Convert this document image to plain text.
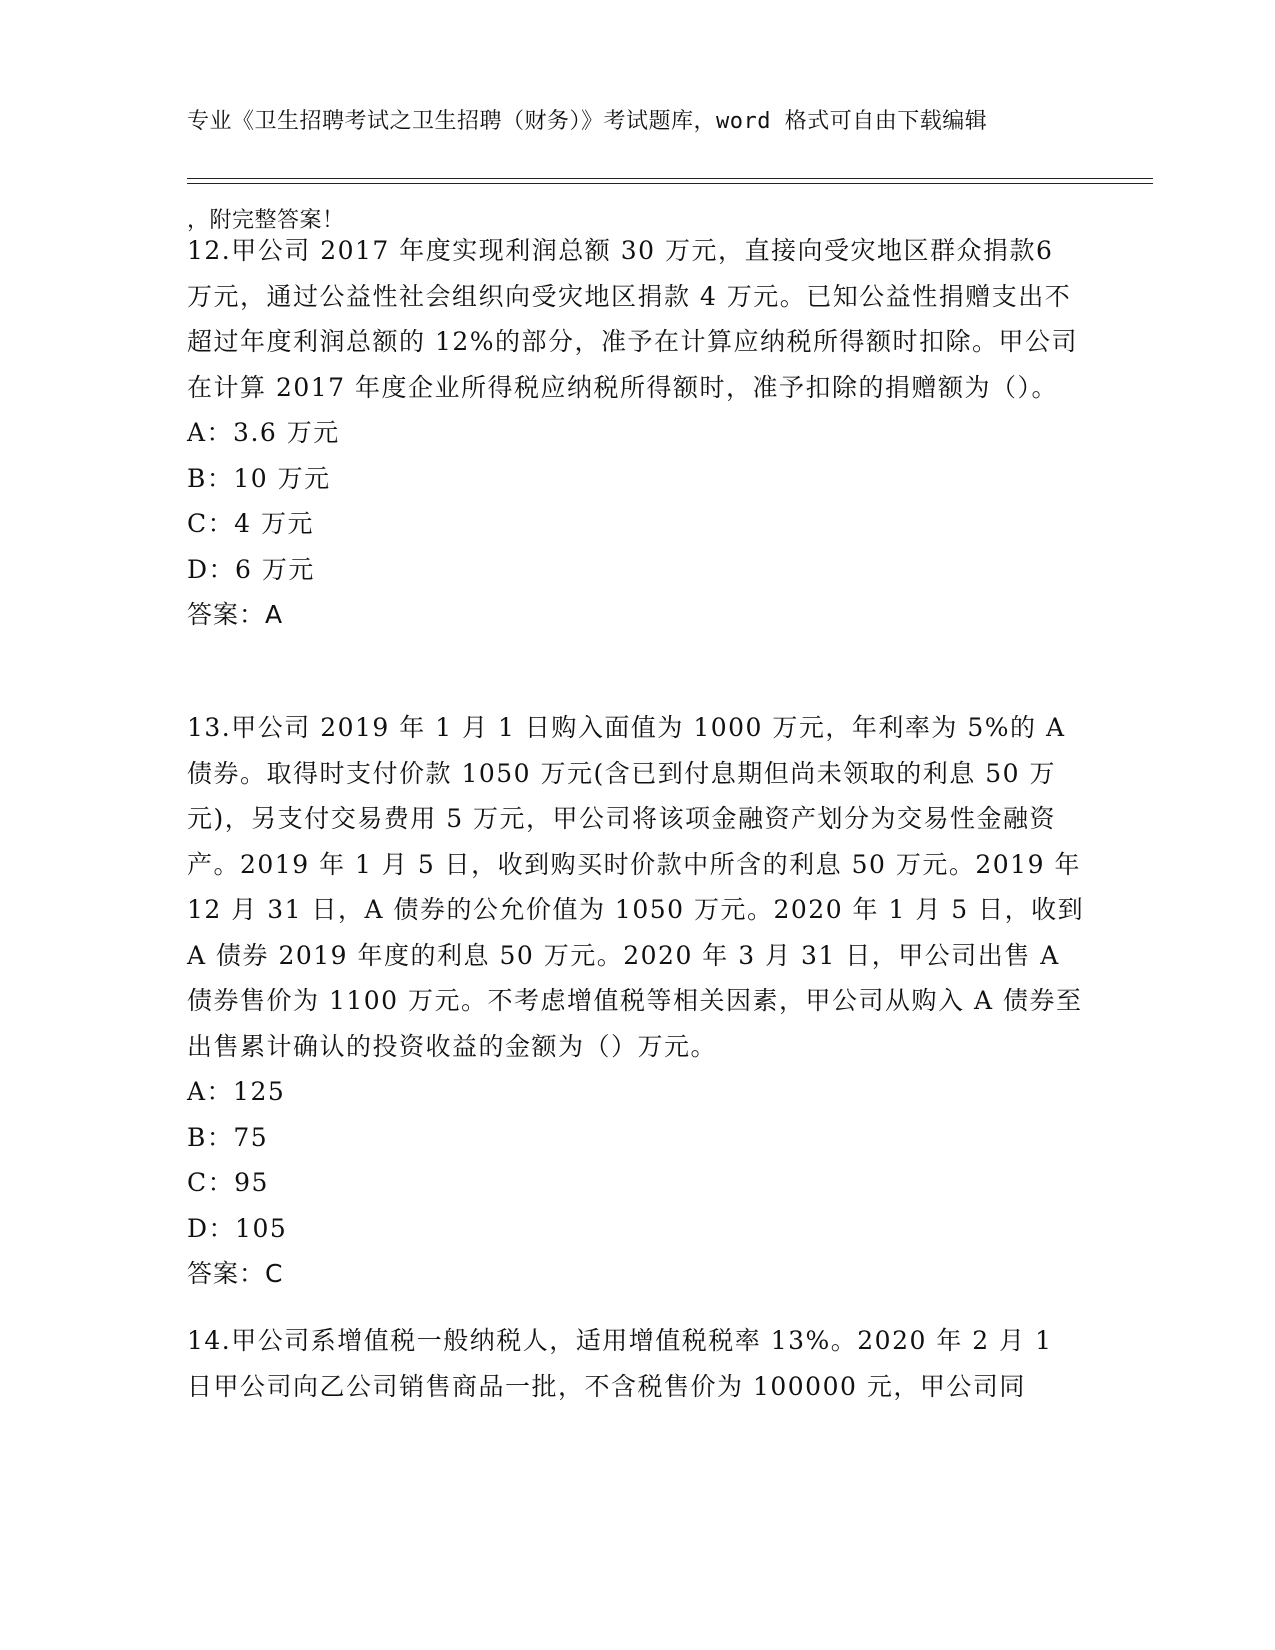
专业《卫生招聘考试之卫生招聘（财务）》考试题库，word 格式可自由下载编辑

，附完整答案！

12.甲公司 2017 年度实现利润总额 30 万元，直接向受灾地区群众捐款6 万元，通过公益性社会组织向受灾地区捐款 4 万元。已知公益性捐赠支出不超过年度利润总额的 12%的部分，准予在计算应纳税所得额时扣除。甲公司在计算 2017 年度企业所得税应纳税所得额时，准予扣除的捐赠额为（）。
A：3.6 万元
B：10 万元
C：4 万元
D：6 万元
答案：A
13.甲公司 2019 年 1 月 1 日购入面值为 1000 万元，年利率为 5%的 A 债券。取得时支付价款 1050 万元(含已到付息期但尚未领取的利息 50 万元)，另支付交易费用 5 万元，甲公司将该项金融资产划分为交易性金融资产。2019 年 1 月 5 日，收到购买时价款中所含的利息 50 万元。2019 年 12 月 31 日，A 债券的公允价值为 1050 万元。2020 年 1 月 5 日，收到 A 债券 2019 年度的利息 50 万元。2020 年 3 月 31 日，甲公司出售 A 债券售价为 1100 万元。不考虑增值税等相关因素，甲公司从购入 A 债券至出售累计确认的投资收益的金额为（）万元。
A：125
B：75
C：95
D：105
答案：C
14.甲公司系增值税一般纳税人，适用增值税税率 13%。2020 年 2 月 1 日甲公司向乙公司销售商品一批，不含税售价为 100000 元，甲公司同
